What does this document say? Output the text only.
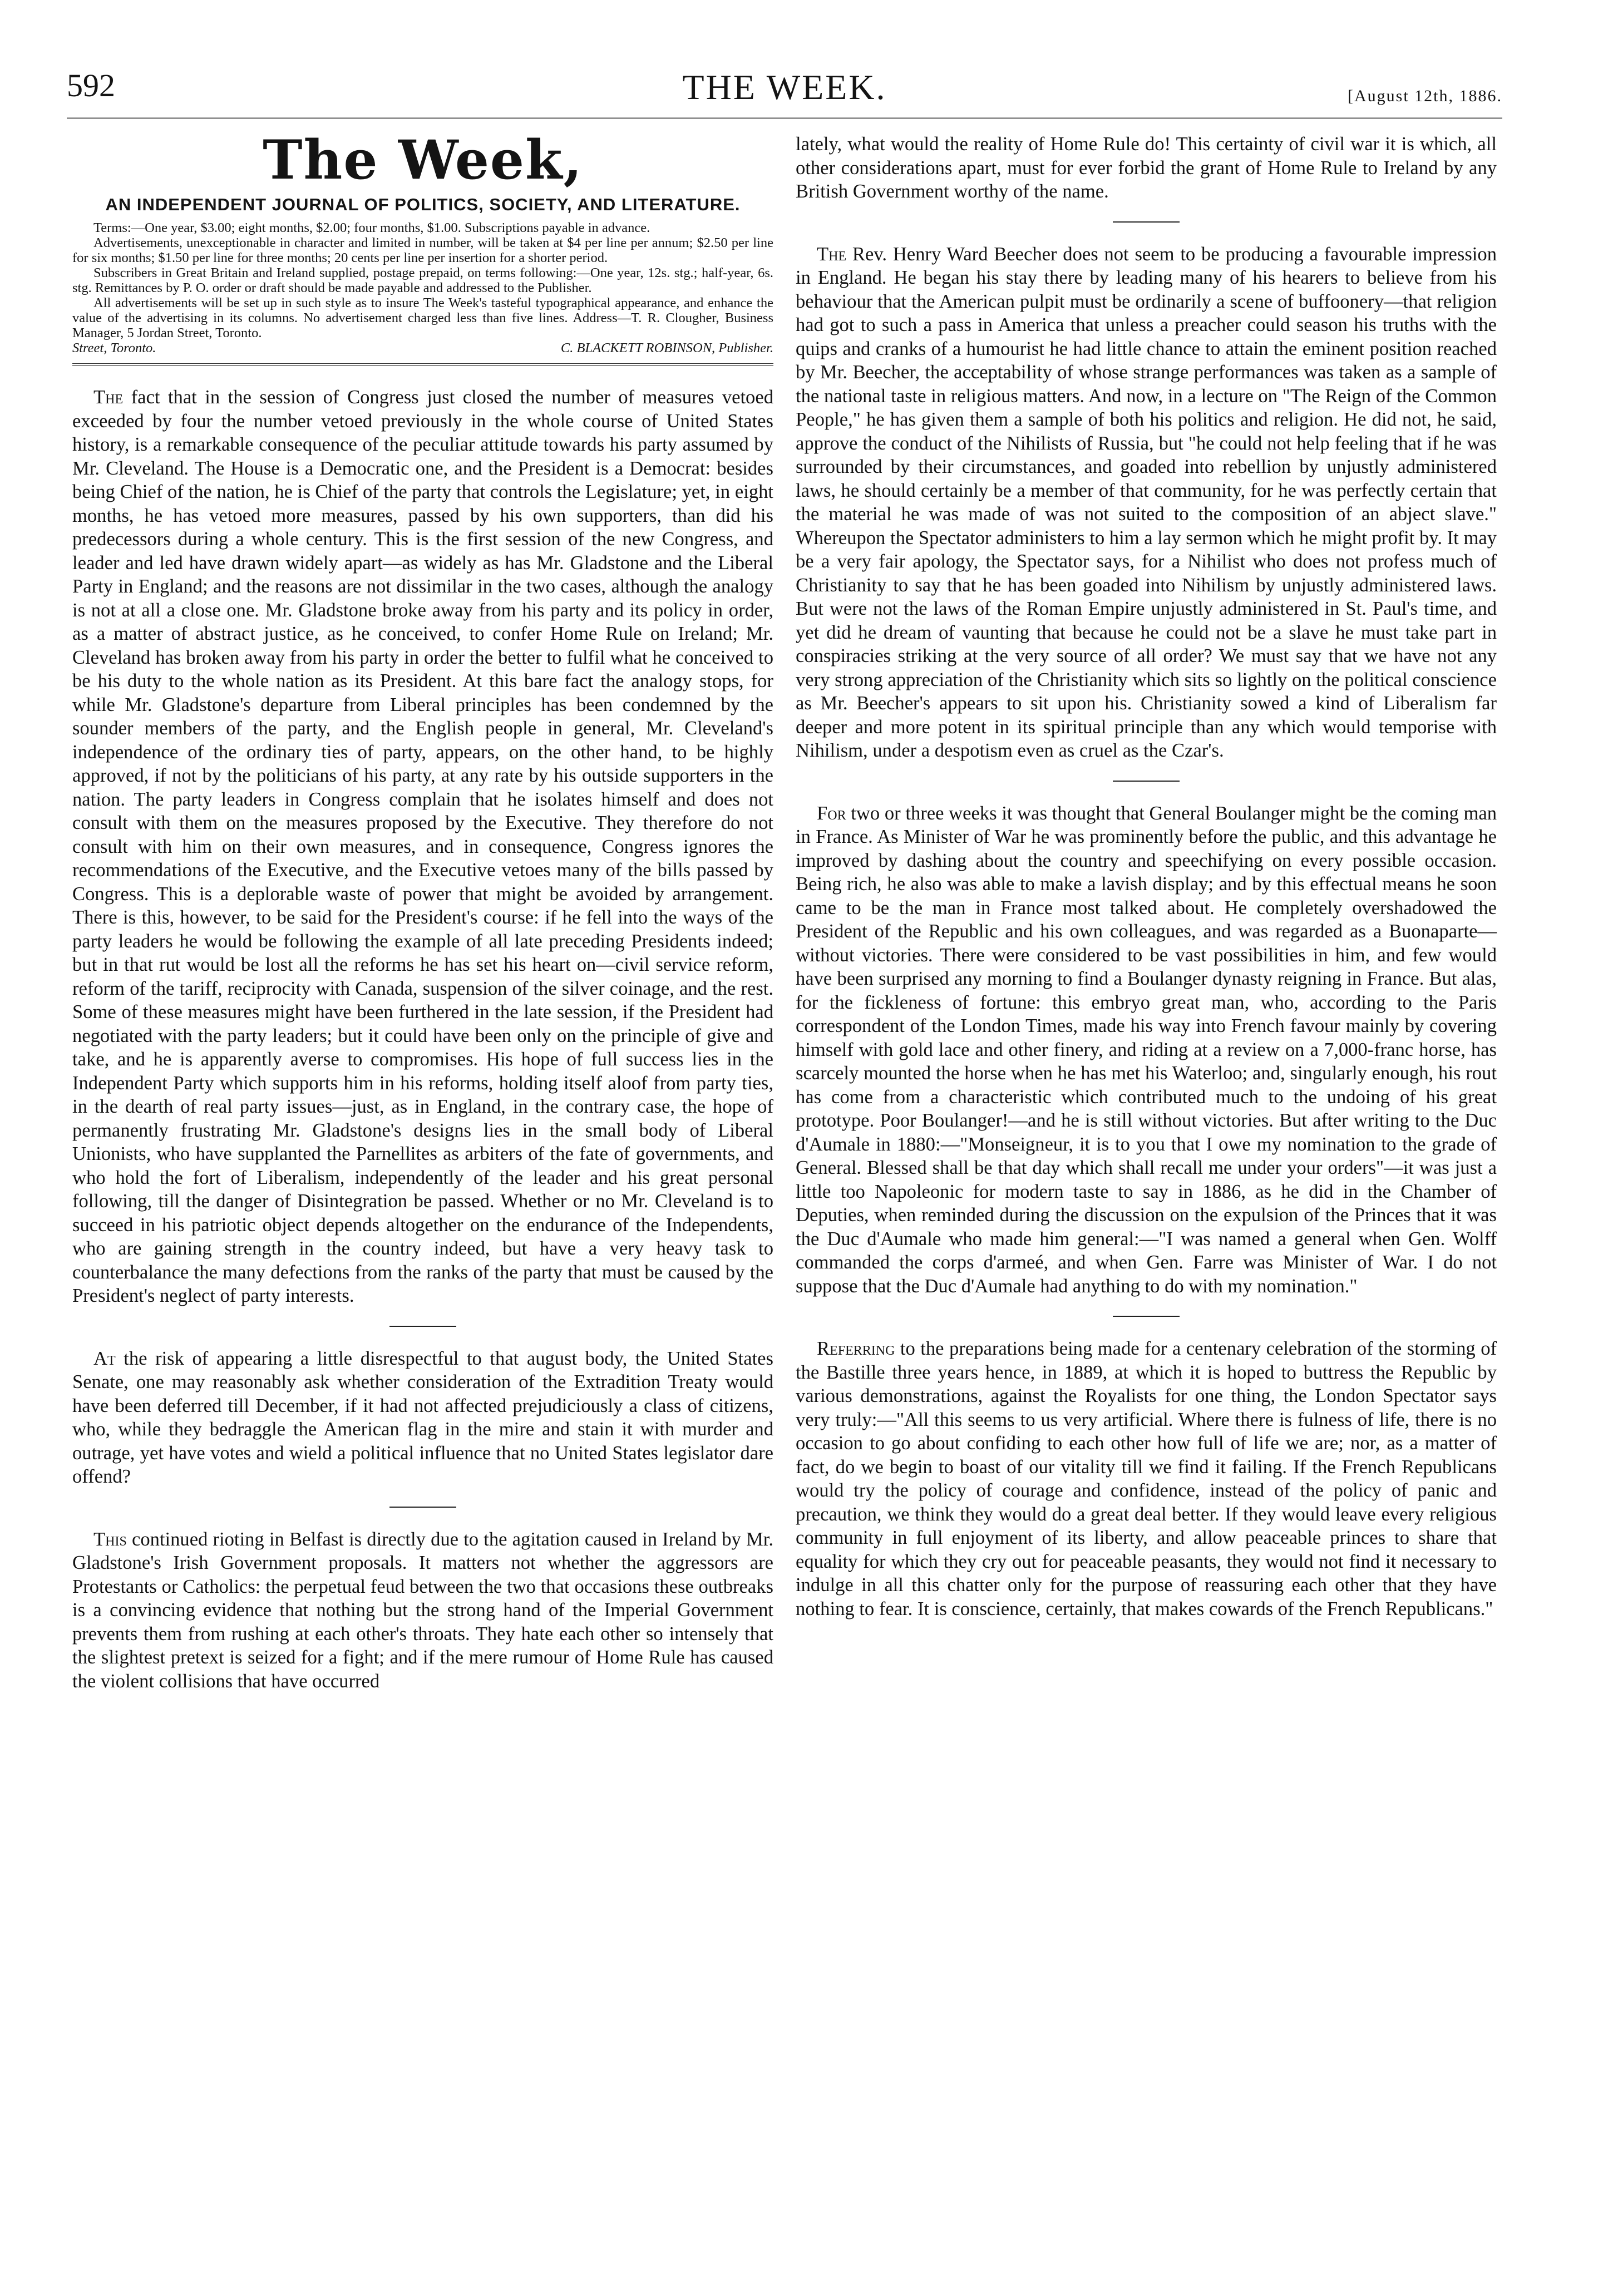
592	THE WEEK.	[August 12th, 1886.
The Week,
AN INDEPENDENT JOURNAL OF POLITICS, SOCIETY, AND LITERATURE.
Terms:—One year, $3.00; eight months, $2.00; four months, $1.00. Subscriptions payable in advance.
Advertisements, unexceptionable in character and limited in number, will be taken at $4 per line per annum; $2.50 per line for six months; $1.50 per line for three months; 20 cents per line per insertion for a shorter period.
Subscribers in Great Britain and Ireland supplied, postage prepaid, on terms following:—One year, 12s. stg.; half-year, 6s. stg. Remittances by P. O. order or draft should be made payable and addressed to the Publisher.
All advertisements will be set up in such style as to insure The Week's tasteful typographical appearance, and enhance the value of the advertising in its columns. No advertisement charged less than five lines. Address—T. R. Clougher, Business Manager, 5 Jordan Street, Toronto.
Street, Toronto.	C. BLACKETT ROBINSON, Publisher.

The fact that in the session of Congress just closed the number of measures vetoed exceeded by four the number vetoed previously in the whole course of United States history, is a remarkable consequence of the peculiar attitude towards his party assumed by Mr. Cleveland. The House is a Democratic one, and the President is a Democrat: besides being Chief of the nation, he is Chief of the party that controls the Legislature; yet, in eight months, he has vetoed more measures, passed by his own supporters, than did his predecessors during a whole century. This is the first session of the new Congress, and leader and led have drawn widely apart—as widely as has Mr. Gladstone and the Liberal Party in England; and the reasons are not dissimilar in the two cases, although the analogy is not at all a close one. Mr. Gladstone broke away from his party and its policy in order, as a matter of abstract justice, as he conceived, to confer Home Rule on Ireland; Mr. Cleveland has broken away from his party in order the better to fulfil what he conceived to be his duty to the whole nation as its President. At this bare fact the analogy stops, for while Mr. Gladstone's departure from Liberal principles has been condemned by the sounder members of the party, and the English people in general, Mr. Cleveland's independence of the ordinary ties of party, appears, on the other hand, to be highly approved, if not by the politicians of his party, at any rate by his outside supporters in the nation. The party leaders in Congress complain that he isolates himself and does not consult with them on the measures proposed by the Executive. They therefore do not consult with him on their own measures, and in consequence, Congress ignores the recommendations of the Executive, and the Executive vetoes many of the bills passed by Congress. This is a deplorable waste of power that might be avoided by arrangement. There is this, however, to be said for the President's course: if he fell into the ways of the party leaders he would be following the example of all late preceding Presidents indeed; but in that rut would be lost all the reforms he has set his heart on—civil service reform, reform of the tariff, reciprocity with Canada, suspension of the silver coinage, and the rest. Some of these measures might have been furthered in the late session, if the President had negotiated with the party leaders; but it could have been only on the principle of give and take, and he is apparently averse to compromises. His hope of full success lies in the Independent Party which supports him in his reforms, holding itself aloof from party ties, in the dearth of real party issues—just, as in England, in the contrary case, the hope of permanently frustrating Mr. Gladstone's designs lies in the small body of Liberal Unionists, who have supplanted the Parnellites as arbiters of the fate of governments, and who hold the fort of Liberalism, independently of the leader and his great personal following, till the danger of Disintegration be passed. Whether or no Mr. Cleveland is to succeed in his patriotic object depends altogether on the endurance of the Independents, who are gaining strength in the country indeed, but have a very heavy task to counterbalance the many defections from the ranks of the party that must be caused by the President's neglect of party interests.

At the risk of appearing a little disrespectful to that august body, the United States Senate, one may reasonably ask whether consideration of the Extradition Treaty would have been deferred till December, if it had not affected prejudiciously a class of citizens, who, while they bedraggle the American flag in the mire and stain it with murder and outrage, yet have votes and wield a political influence that no United States legislator dare offend?

This continued rioting in Belfast is directly due to the agitation caused in Ireland by Mr. Gladstone's Irish Government proposals. It matters not whether the aggressors are Protestants or Catholics: the perpetual feud between the two that occasions these outbreaks is a convincing evidence that nothing but the strong hand of the Imperial Government prevents them from rushing at each other's throats. They hate each other so intensely that the slightest pretext is seized for a fight; and if the mere rumour of Home Rule has caused the violent collisions that have occurred

lately, what would the reality of Home Rule do! This certainty of civil war it is which, all other considerations apart, must for ever forbid the grant of Home Rule to Ireland by any British Government worthy of the name.

The Rev. Henry Ward Beecher does not seem to be producing a favourable impression in England. He began his stay there by leading many of his hearers to believe from his behaviour that the American pulpit must be ordinarily a scene of buffoonery—that religion had got to such a pass in America that unless a preacher could season his truths with the quips and cranks of a humourist he had little chance to attain the eminent position reached by Mr. Beecher, the acceptability of whose strange performances was taken as a sample of the national taste in religious matters. And now, in a lecture on "The Reign of the Common People," he has given them a sample of both his politics and religion. He did not, he said, approve the conduct of the Nihilists of Russia, but "he could not help feeling that if he was surrounded by their circumstances, and goaded into rebellion by unjustly administered laws, he should certainly be a member of that community, for he was perfectly certain that the material he was made of was not suited to the composition of an abject slave." Whereupon the Spectator administers to him a lay sermon which he might profit by. It may be a very fair apology, the Spectator says, for a Nihilist who does not profess much of Christianity to say that he has been goaded into Nihilism by unjustly administered laws. But were not the laws of the Roman Empire unjustly administered in St. Paul's time, and yet did he dream of vaunting that because he could not be a slave he must take part in conspiracies striking at the very source of all order? We must say that we have not any very strong appreciation of the Christianity which sits so lightly on the political conscience as Mr. Beecher's appears to sit upon his. Christianity sowed a kind of Liberalism far deeper and more potent in its spiritual principle than any which would temporise with Nihilism, under a despotism even as cruel as the Czar's.

For two or three weeks it was thought that General Boulanger might be the coming man in France. As Minister of War he was prominently before the public, and this advantage he improved by dashing about the country and speechifying on every possible occasion. Being rich, he also was able to make a lavish display; and by this effectual means he soon came to be the man in France most talked about. He completely overshadowed the President of the Republic and his own colleagues, and was regarded as a Buonaparte—without victories. There were considered to be vast possibilities in him, and few would have been surprised any morning to find a Boulanger dynasty reigning in France. But alas, for the fickleness of fortune: this embryo great man, who, according to the Paris correspondent of the London Times, made his way into French favour mainly by covering himself with gold lace and other finery, and riding at a review on a 7,000-franc horse, has scarcely mounted the horse when he has met his Waterloo; and, singularly enough, his rout has come from a characteristic which contributed much to the undoing of his great prototype. Poor Boulanger!—and he is still without victories. But after writing to the Duc d'Aumale in 1880:—"Monseigneur, it is to you that I owe my nomination to the grade of General. Blessed shall be that day which shall recall me under your orders"—it was just a little too Napoleonic for modern taste to say in 1886, as he did in the Chamber of Deputies, when reminded during the discussion on the expulsion of the Princes that it was the Duc d'Aumale who made him general:—"I was named a general when Gen. Wolff commanded the corps d'armeé, and when Gen. Farre was Minister of War. I do not suppose that the Duc d'Aumale had anything to do with my nomination."

Referring to the preparations being made for a centenary celebration of the storming of the Bastille three years hence, in 1889, at which it is hoped to buttress the Republic by various demonstrations, against the Royalists for one thing, the London Spectator says very truly:—"All this seems to us very artificial. Where there is fulness of life, there is no occasion to go about confiding to each other how full of life we are; nor, as a matter of fact, do we begin to boast of our vitality till we find it failing. If the French Republicans would try the policy of courage and confidence, instead of the policy of panic and precaution, we think they would do a great deal better. If they would leave every religious community in full enjoyment of its liberty, and allow peaceable princes to share that equality for which they cry out for peaceable peasants, they would not find it necessary to indulge in all this chatter only for the purpose of reassuring each other that they have nothing to fear. It is conscience, certainly, that makes cowards of the French Republicans."
